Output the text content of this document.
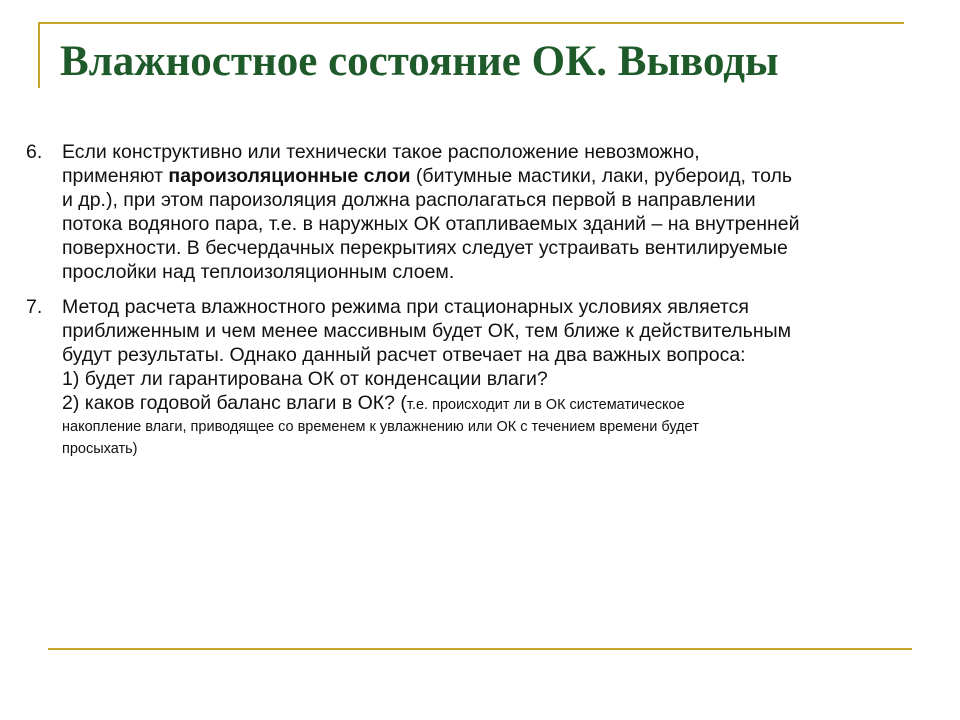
Влажностное состояние ОК. Выводы
6.	Если конструктивно или технически такое расположение невозможно,
применяют пароизоляционные слои (битумные мастики, лаки, рубероид, толь
и др.), при этом пароизоляция должна располагаться первой в направлении
потока водяного пара, т.е. в наружных ОК отапливаемых зданий – на внутренней
поверхности. В бесчердачных перекрытиях следует устраивать вентилируемые
прослойки над теплоизоляционным слоем.
7.	Метод расчета влажностного режима при стационарных условиях является
приближенным и чем менее массивным будет ОК, тем ближе к действительным
будут результаты. Однако данный расчет отвечает на два важных вопроса:
1) будет ли гарантирована ОК от конденсации влаги?
2) каков годовой баланс влаги в ОК? (т.е. происходит ли в ОК систематическое
накопление влаги, приводящее со временем к увлажнению или ОК с течением времени будет
просыхать)
